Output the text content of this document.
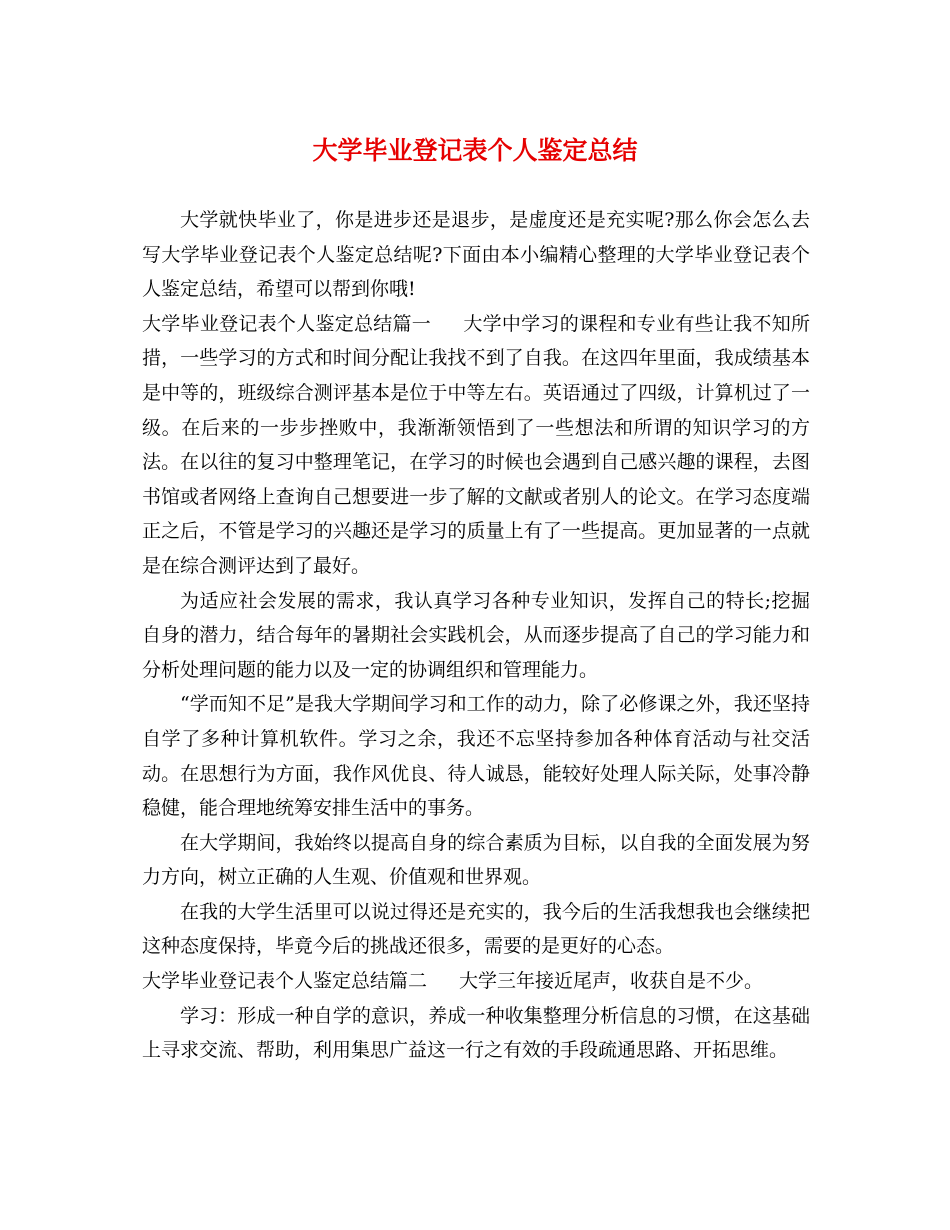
大学毕业登记表个人鉴定总结

大学就快毕业了，你是进步还是退步，是虚度还是充实呢?那么你会怎么去写大学毕业登记表个人鉴定总结呢?下面由本小编精心整理的大学毕业登记表个人鉴定总结，希望可以帮到你哦!

大学毕业登记表个人鉴定总结篇一 大学中学习的课程和专业有些让我不知所措，一些学习的方式和时间分配让我找不到了自我。在这四年里面，我成绩基本是中等的，班级综合测评基本是位于中等左右。英语通过了四级，计算机过了一级。在后来的一步步挫败中，我渐渐领悟到了一些想法和所谓的知识学习的方法。在以往的复习中整理笔记，在学习的时候也会遇到自己感兴趣的课程，去图书馆或者网络上查询自己想要进一步了解的文献或者别人的论文。在学习态度端正之后，不管是学习的兴趣还是学习的质量上有了一些提高。更加显著的一点就是在综合测评达到了最好。

为适应社会发展的需求，我认真学习各种专业知识，发挥自己的特长;挖掘自身的潜力，结合每年的暑期社会实践机会，从而逐步提高了自己的学习能力和分析处理问题的能力以及一定的协调组织和管理能力。

“学而知不足”是我大学期间学习和工作的动力，除了必修课之外，我还坚持自学了多种计算机软件。学习之余，我还不忘坚持参加各种体育活动与社交活动。在思想行为方面，我作风优良、待人诚恳，能较好处理人际关际，处事冷静稳健，能合理地统筹安排生活中的事务。

在大学期间，我始终以提高自身的综合素质为目标，以自我的全面发展为努力方向，树立正确的人生观、价值观和世界观。

在我的大学生活里可以说过得还是充实的，我今后的生活我想我也会继续把这种态度保持，毕竟今后的挑战还很多，需要的是更好的心态。

大学毕业登记表个人鉴定总结篇二 大学三年接近尾声，收获自是不少。

学习：形成一种自学的意识，养成一种收集整理分析信息的习惯，在这基础上寻求交流、帮助，利用集思广益这一行之有效的手段疏通思路、开拓思维。
